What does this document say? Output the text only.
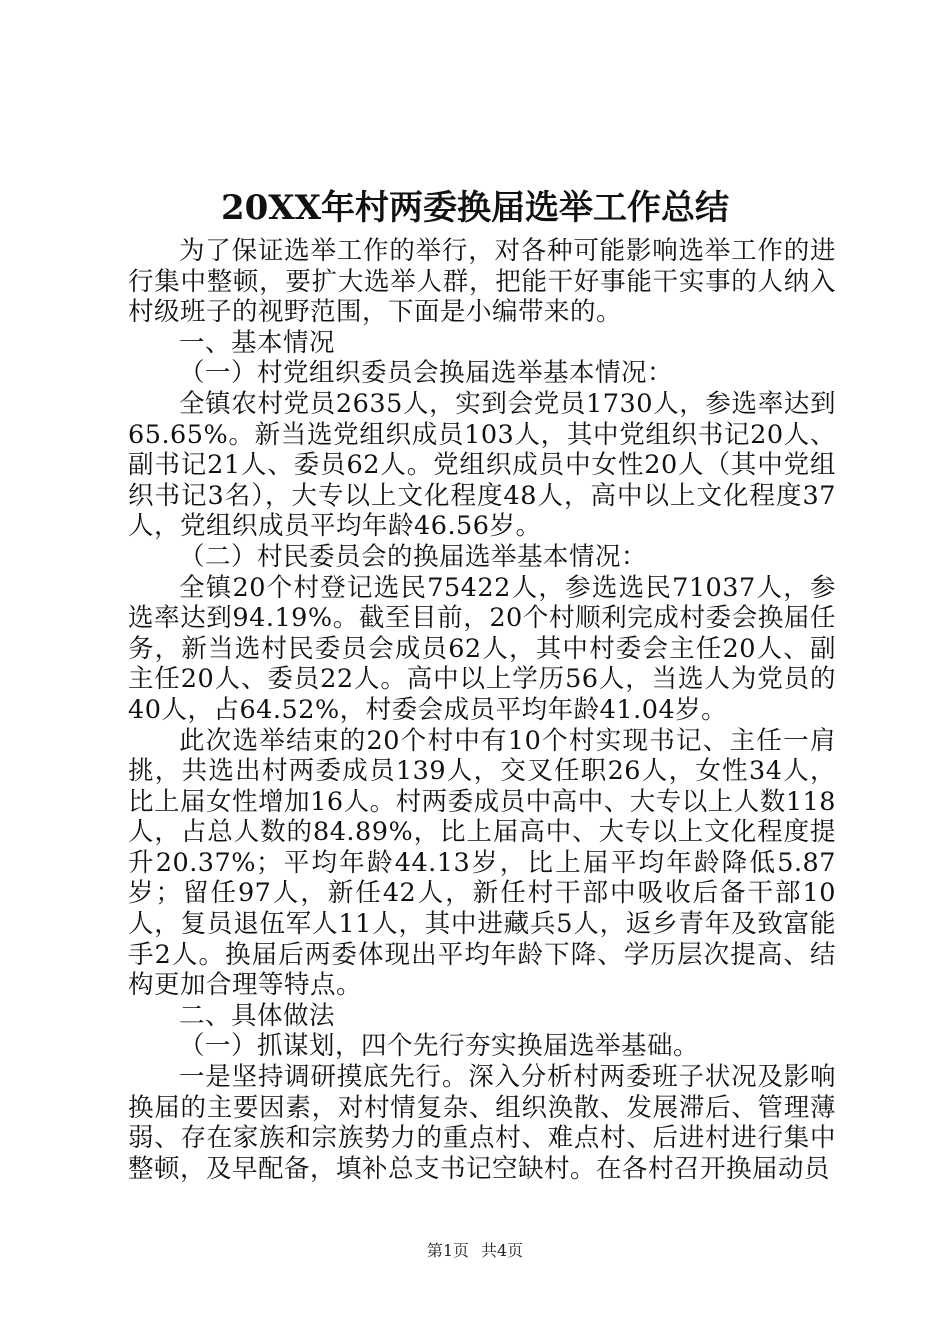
20XX年村两委换届选举工作总结

为了保证选举工作的举行，对各种可能影响选举工作的进行集中整顿，要扩大选举人群，把能干好事能干实事的人纳入村级班子的视野范围，下面是小编带来的。

一、基本情况

（一）村党组织委员会换届选举基本情况：

全镇农村党员2635人，实到会党员1730人，参选率达到65.65%。新当选党组织成员103人，其中党组织书记20人、副书记21人、委员62人。党组织成员中女性20人（其中党组织书记3名），大专以上文化程度48人，高中以上文化程度37人，党组织成员平均年龄46.56岁。

（二）村民委员会的换届选举基本情况：

全镇20个村登记选民75422人，参选选民71037人，参选率达到94.19%。截至目前，20个村顺利完成村委会换届任务，新当选村民委员会成员62人，其中村委会主任20人、副主任20人、委员22人。高中以上学历56人，当选人为党员的40人，占64.52%，村委会成员平均年龄41.04岁。

此次选举结束的20个村中有10个村实现书记、主任一肩挑，共选出村两委成员139人，交叉任职26人，女性34人，比上届女性增加16人。村两委成员中高中、大专以上人数118人，占总人数的84.89%，比上届高中、大专以上文化程度提升20.37%；平均年龄44.13岁，比上届平均年龄降低5.87岁；留任97人，新任42人，新任村干部中吸收后备干部10人，复员退伍军人11人，其中进藏兵5人，返乡青年及致富能手2人。换届后两委体现出平均年龄下降、学历层次提高、结构更加合理等特点。

二、具体做法

（一）抓谋划，四个先行夯实换届选举基础。

一是坚持调研摸底先行。深入分析村两委班子状况及影响换届的主要因素，对村情复杂、组织涣散、发展滞后、管理薄弱、存在家族和宗族势力的重点村、难点村、后进村进行集中整顿，及早配备，填补总支书记空缺村。在各村召开换届动员

第1页 共4页
